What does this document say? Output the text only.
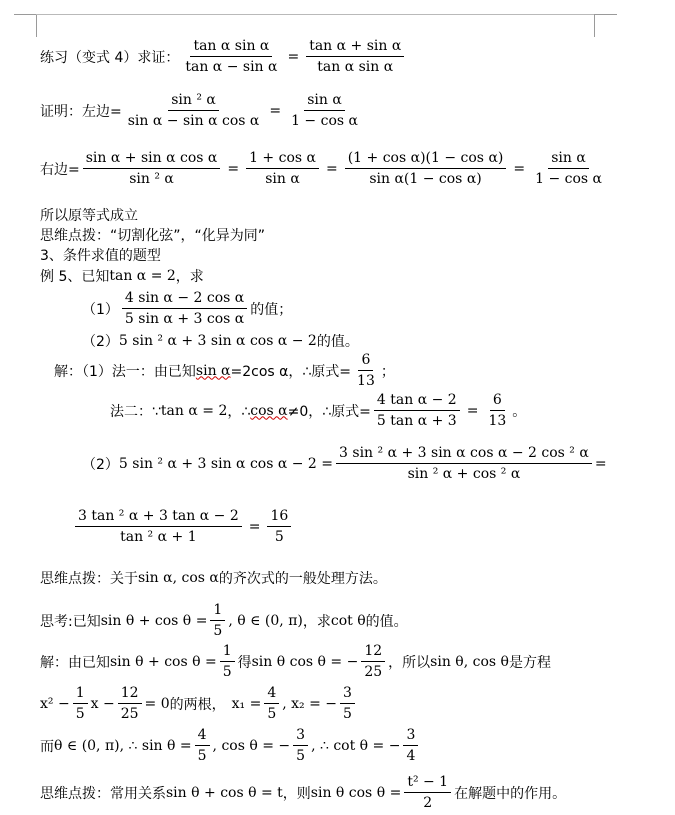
练习（变式 4）求证： $\frac{\text{tan α sin α}}{\text{tan α − sin α}} = \frac{\text{tan α + sin α}}{\text{tan α sin α}}$
证明：左边= $\frac{\text{sin ² α}}{\text{sin α − sin α cos α}} = \frac{\text{sin α}}{\text{1 − cos α}}$
右边= $\frac{\text{sin α + sin α cos α}}{\text{sin ² α}} = \frac{\text{1 + cos α}}{\text{sin α}} = \frac{\text{(1 + cos α)(1 − cos α)}}{\text{sin α(1 − cos α)}} = \frac{\text{sin α}}{\text{1 − cos α}}$
所以原等式成立
思维点拨：“切割化弦”，“化异为同”
3、条件求值的题型
例 5、已知 tan α = 2 ，求
$(1) \frac{\text{4 sin α − 2 cos α}}{\text{5 sin α + 3 cos α}}$ 的值；
（2） 5 sin ² α + 3 sin α cos α − 2 的值。
解：（1）法一：由已知 sin α =2cos α，∴原式= $\frac{6}{13}$ ；
法二：∵ tan α = 2 ，∴ cos α ≠0，∴原式= $\frac{\text{4 tan α − 2}}{\text{5 tan α + 3}} = \frac{6}{13}$ 。
（2） 5 sin ² α + 3 sin α $\cos \alpha - 2 = \frac{\text{3 sin ² α + 3 sin α cos α − 2 cos ² α}}{\text{sin ² α + cos ² α}}$ =
$\frac{\text{3 tan ² α + 3 tan α − 2}}{\text{tan ² α + 1}} = \frac{16}{5}$
思维点拨：关于 sin α, cos α 的齐次式的一般处理方法。
思考:已知 $\sin \theta + \cos \theta = \frac{1}{5}$ , θ ∈ (0, π) ，求 cot θ 的值。
解：由已知 $\sin \theta + \cos \theta = \frac{1}{5}$ 得 sin θ cos θ = − $\frac{12}{25}$ ，所以 sin θ, cos θ 是方程
$x^2 - \frac{1}{5}$ $x - \frac{12}{25} = 0$ 的两根， $x_1 = \frac{4}{5}$ , x₂ = − $\frac{3}{5}$
而 θ ∈ (0, π), ∴ $\sin \theta = \frac{4}{5}$ , cos θ = − $\frac{3}{5}$ , ∴ cot θ = − $\frac{3}{4}$
思维点拨：常用关系 sin θ + cos θ = t ，则 sin θ $\cos \theta = \frac{\text{t² − 1}}{2}$ 在解题中的作用。
